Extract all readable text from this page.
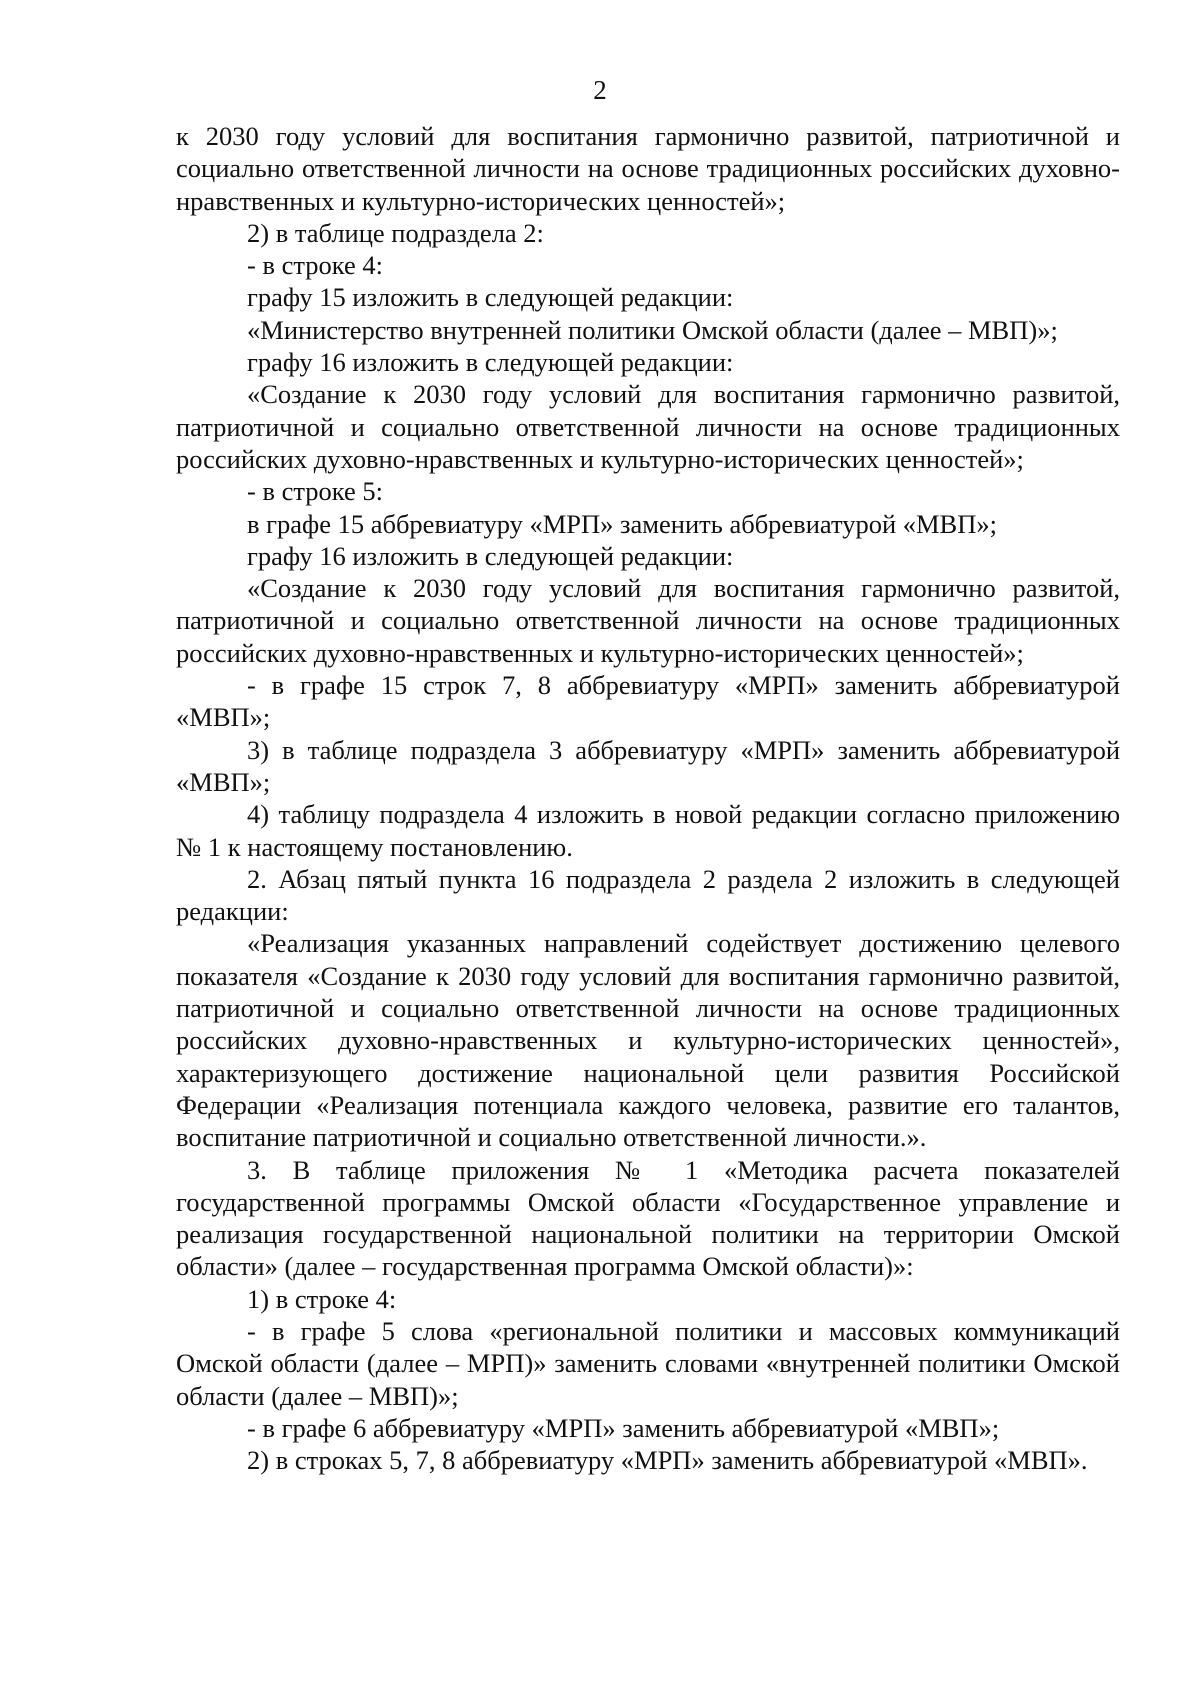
2

к 2030 году условий для воспитания гармонично развитой, патриотичной и социально ответственной личности на основе традиционных российских духовно-нравственных и культурно-исторических ценностей»;

2) в таблице подраздела 2:

- в строке 4:

графу 15 изложить в следующей редакции:

«Министерство внутренней политики Омской области (далее – МВП)»;

графу 16 изложить в следующей редакции:

«Создание к 2030 году условий для воспитания гармонично развитой, патриотичной и социально ответственной личности на основе традиционных российских духовно-нравственных и культурно-исторических ценностей»;

- в строке 5:

в графе 15 аббревиатуру «МРП» заменить аббревиатурой «МВП»;

графу 16 изложить в следующей редакции:

«Создание к 2030 году условий для воспитания гармонично развитой, патриотичной и социально ответственной личности на основе традиционных российских духовно-нравственных и культурно-исторических ценностей»;

- в графе 15 строк 7, 8 аббревиатуру «МРП» заменить аббревиатурой «МВП»;

3) в таблице подраздела 3 аббревиатуру «МРП» заменить аббревиатурой «МВП»;

4) таблицу подраздела 4 изложить в новой редакции согласно приложению № 1 к настоящему постановлению.

2. Абзац пятый пункта 16 подраздела 2 раздела 2 изложить в следующей редакции:

«Реализация указанных направлений содействует достижению целевого показателя «Создание к 2030 году условий для воспитания гармонично развитой, патриотичной и социально ответственной личности на основе традиционных российских духовно-нравственных и культурно-исторических ценностей», характеризующего достижение национальной цели развития Российской Федерации «Реализация потенциала каждого человека, развитие его талантов, воспитание патриотичной и социально ответственной личности.».

3. В таблице приложения № 1 «Методика расчета показателей государственной программы Омской области «Государственное управление и реализация государственной национальной политики на территории Омской области» (далее – государственная программа Омской области)»:

1) в строке 4:

- в графе 5 слова «региональной политики и массовых коммуникаций Омской области (далее – МРП)» заменить словами «внутренней политики Омской области (далее – МВП)»;

- в графе 6 аббревиатуру «МРП» заменить аббревиатурой «МВП»;

2) в строках 5, 7, 8 аббревиатуру «МРП» заменить аббревиатурой «МВП».
